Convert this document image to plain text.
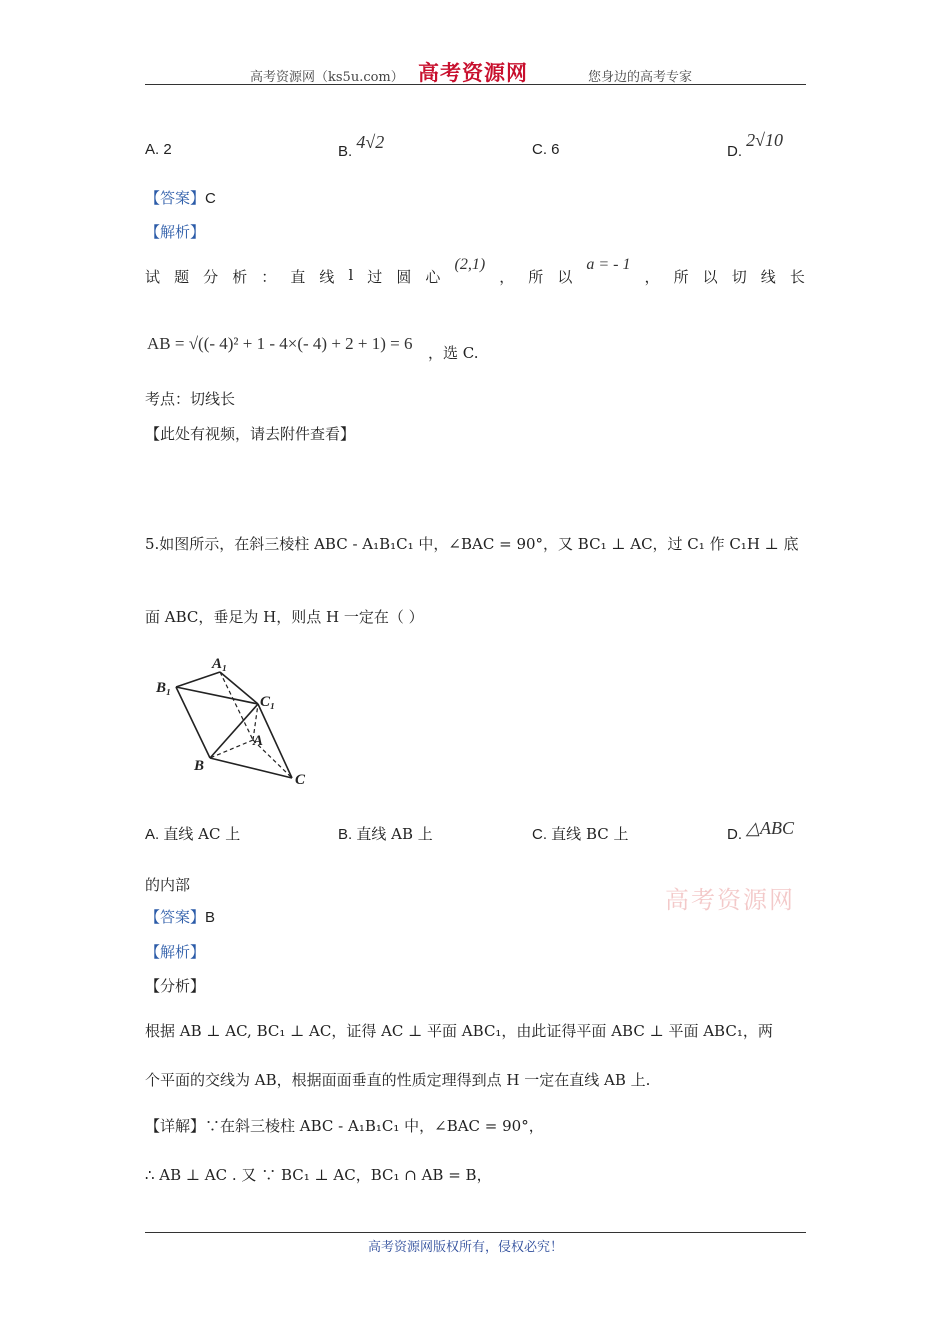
高考资源网（ks5u.com） 高考资源网	您身边的高考专家
A. 2	B. 4√2	C. 6	D. 2√10
【答案】C
【解析】
试 题 分 析 ： 直 线 l 过 圆 心
(2,1)
， 所 以
a = - 1
， 所 以 切 线 长
AB = √((- 4)² + 1 - 4×(- 4) + 2 + 1) = 6 ，选 C.
考点：切线长
【此处有视频，请去附件查看】
5.如图所示，在斜三棱柱 ABC - A₁B₁C₁ 中，∠BAC = 90°，又 BC₁ ⊥ AC，过 C₁ 作 C₁H ⊥ 底
面 ABC，垂足为 H，则点 H 一定在（ ）
A₁
B₁
C₁
A
B
C
A. 直线 AC 上	B. 直线 AB 上	C. 直线 BC 上	D. △ABC
的内部
高考资源网
【答案】B
【解析】
【分析】
根据 AB ⊥ AC, BC₁ ⊥ AC，证得 AC ⊥ 平面 ABC₁，由此证得平面 ABC ⊥ 平面 ABC₁，两
个平面的交线为 AB，根据面面垂直的性质定理得到点 H 一定在直线 AB 上.
【详解】∵在斜三棱柱 ABC - A₁B₁C₁ 中，∠BAC = 90°，
∴ AB ⊥ AC . 又 ∵ BC₁ ⊥ AC，BC₁ ∩ AB = B，
高考资源网版权所有，侵权必究！
